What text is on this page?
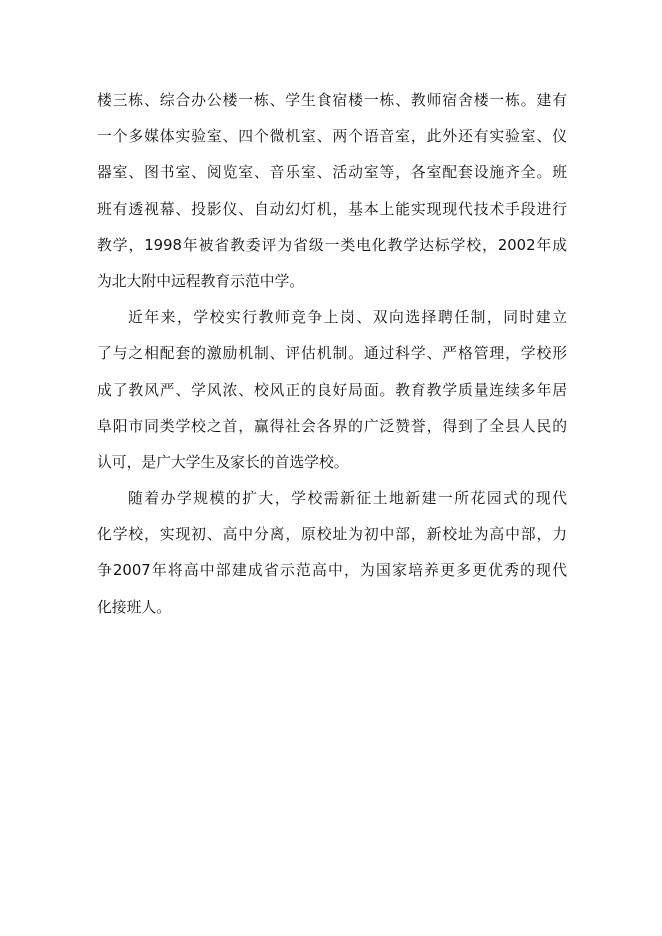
楼三栋、综合办公楼一栋、学生食宿楼一栋、教师宿舍楼一栋。建有
一个多媒体实验室、四个微机室、两个语音室，此外还有实验室、仪
器室、图书室、阅览室、音乐室、活动室等，各室配套设施齐全。班
班有透视幕、投影仪、自动幻灯机，基本上能实现现代技术手段进行
教学，1998年被省教委评为省级一类电化教学达标学校，2002年成
为北大附中远程教育示范中学。
近年来，学校实行教师竞争上岗、双向选择聘任制，同时建立
了与之相配套的激励机制、评估机制。通过科学、严格管理，学校形
成了教风严、学风浓、校风正的良好局面。教育教学质量连续多年居
阜阳市同类学校之首，赢得社会各界的广泛赞誉，得到了全县人民的
认可，是广大学生及家长的首选学校。
随着办学规模的扩大，学校需新征土地新建一所花园式的现代
化学校，实现初、高中分离，原校址为初中部，新校址为高中部，力
争2007年将高中部建成省示范高中，为国家培养更多更优秀的现代
化接班人。
